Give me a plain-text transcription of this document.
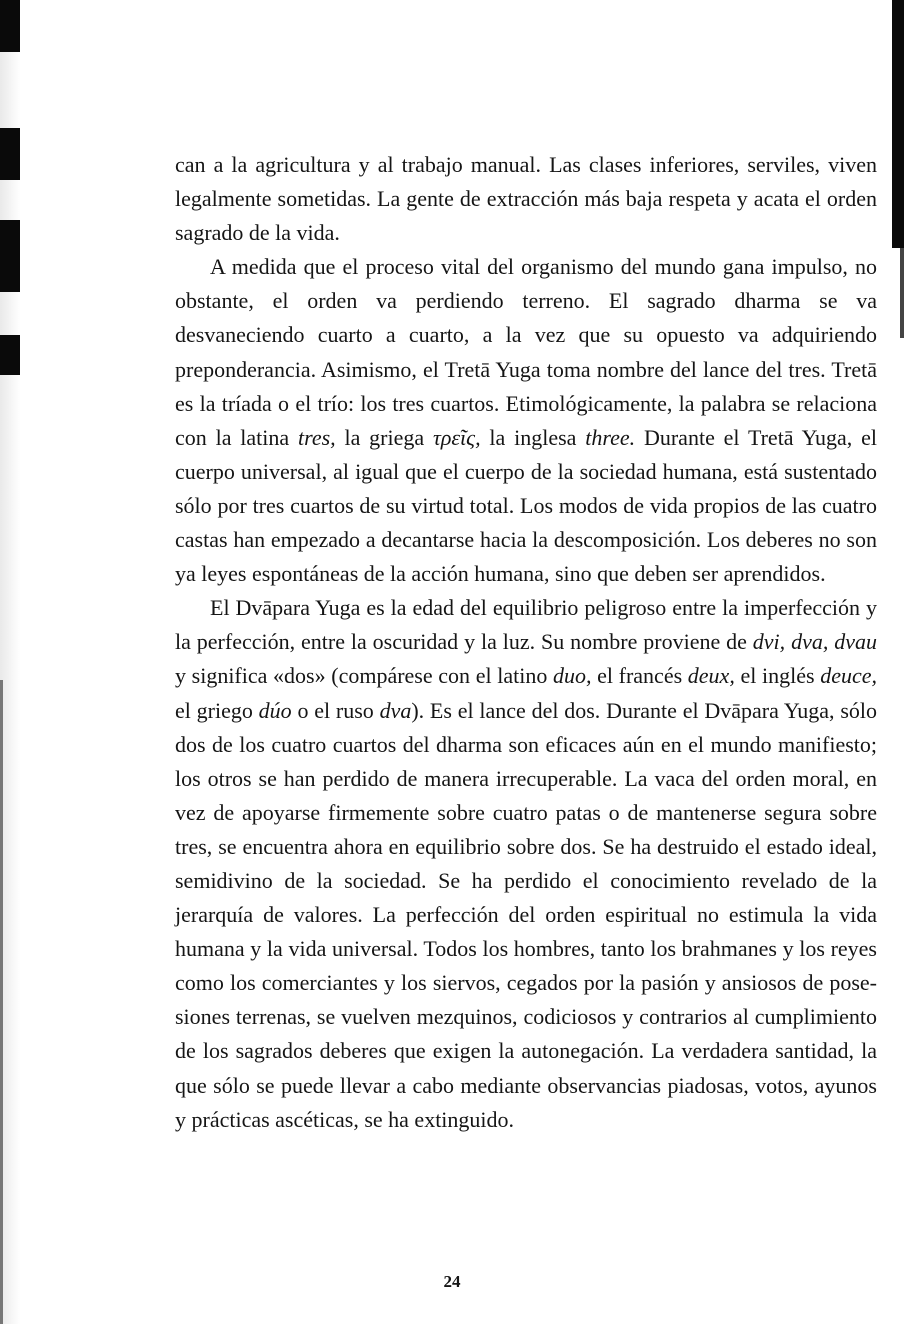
can a la agricultura y al trabajo manual. Las clases inferiores, serviles, viven legalmente sometidas. La gente de extracción más baja respeta y acata el orden sagrado de la vida.

A medida que el proceso vital del organismo del mundo gana impulso, no obstante, el orden va perdiendo terreno. El sagrado dharma se va desvaneciendo cuarto a cuarto, a la vez que su opuesto va adquiriendo preponderancia. Asimismo, el Tretā Yuga toma nombre del lance del tres. Tretā es la tríada o el trío: los tres cuartos. Etimológicamente, la palabra se relaciona con la latina tres, la griega τρεῖς, la inglesa three. Durante el Tretā Yuga, el cuerpo universal, al igual que el cuerpo de la sociedad humana, está sustentado sólo por tres cuartos de su virtud total. Los modos de vida propios de las cuatro castas han empezado a decantarse hacia la descomposición. Los deberes no son ya leyes espontáneas de la acción humana, sino que deben ser aprendidos.

El Dvāpara Yuga es la edad del equilibrio peligroso entre la imperfección y la perfección, entre la oscuridad y la luz. Su nombre proviene de dvi, dva, dvau y significa «dos» (compárese con el latino duo, el francés deux, el inglés deuce, el griego dúo o el ruso dva). Es el lance del dos. Durante el Dvāpara Yuga, sólo dos de los cuatro cuartos del dharma son eficaces aún en el mundo manifiesto; los otros se han perdido de manera irrecuperable. La vaca del orden moral, en vez de apoyarse firmemente sobre cuatro patas o de mantenerse segura sobre tres, se encuentra ahora en equilibrio sobre dos. Se ha destruido el estado ideal, semidivino de la sociedad. Se ha perdido el conocimiento revelado de la jerarquía de valores. La perfección del orden espiritual no estimula la vida humana y la vida universal. Todos los hombres, tanto los brahmanes y los reyes como los comerciantes y los siervos, cegados por la pasión y ansiosos de posesiones terrenas, se vuelven mezquinos, codiciosos y contrarios al cumplimiento de los sagrados deberes que exigen la autonegación. La verdadera santidad, la que sólo se puede llevar a cabo mediante observancias piadosas, votos, ayunos y prácticas ascéticas, se ha extinguido.

24
